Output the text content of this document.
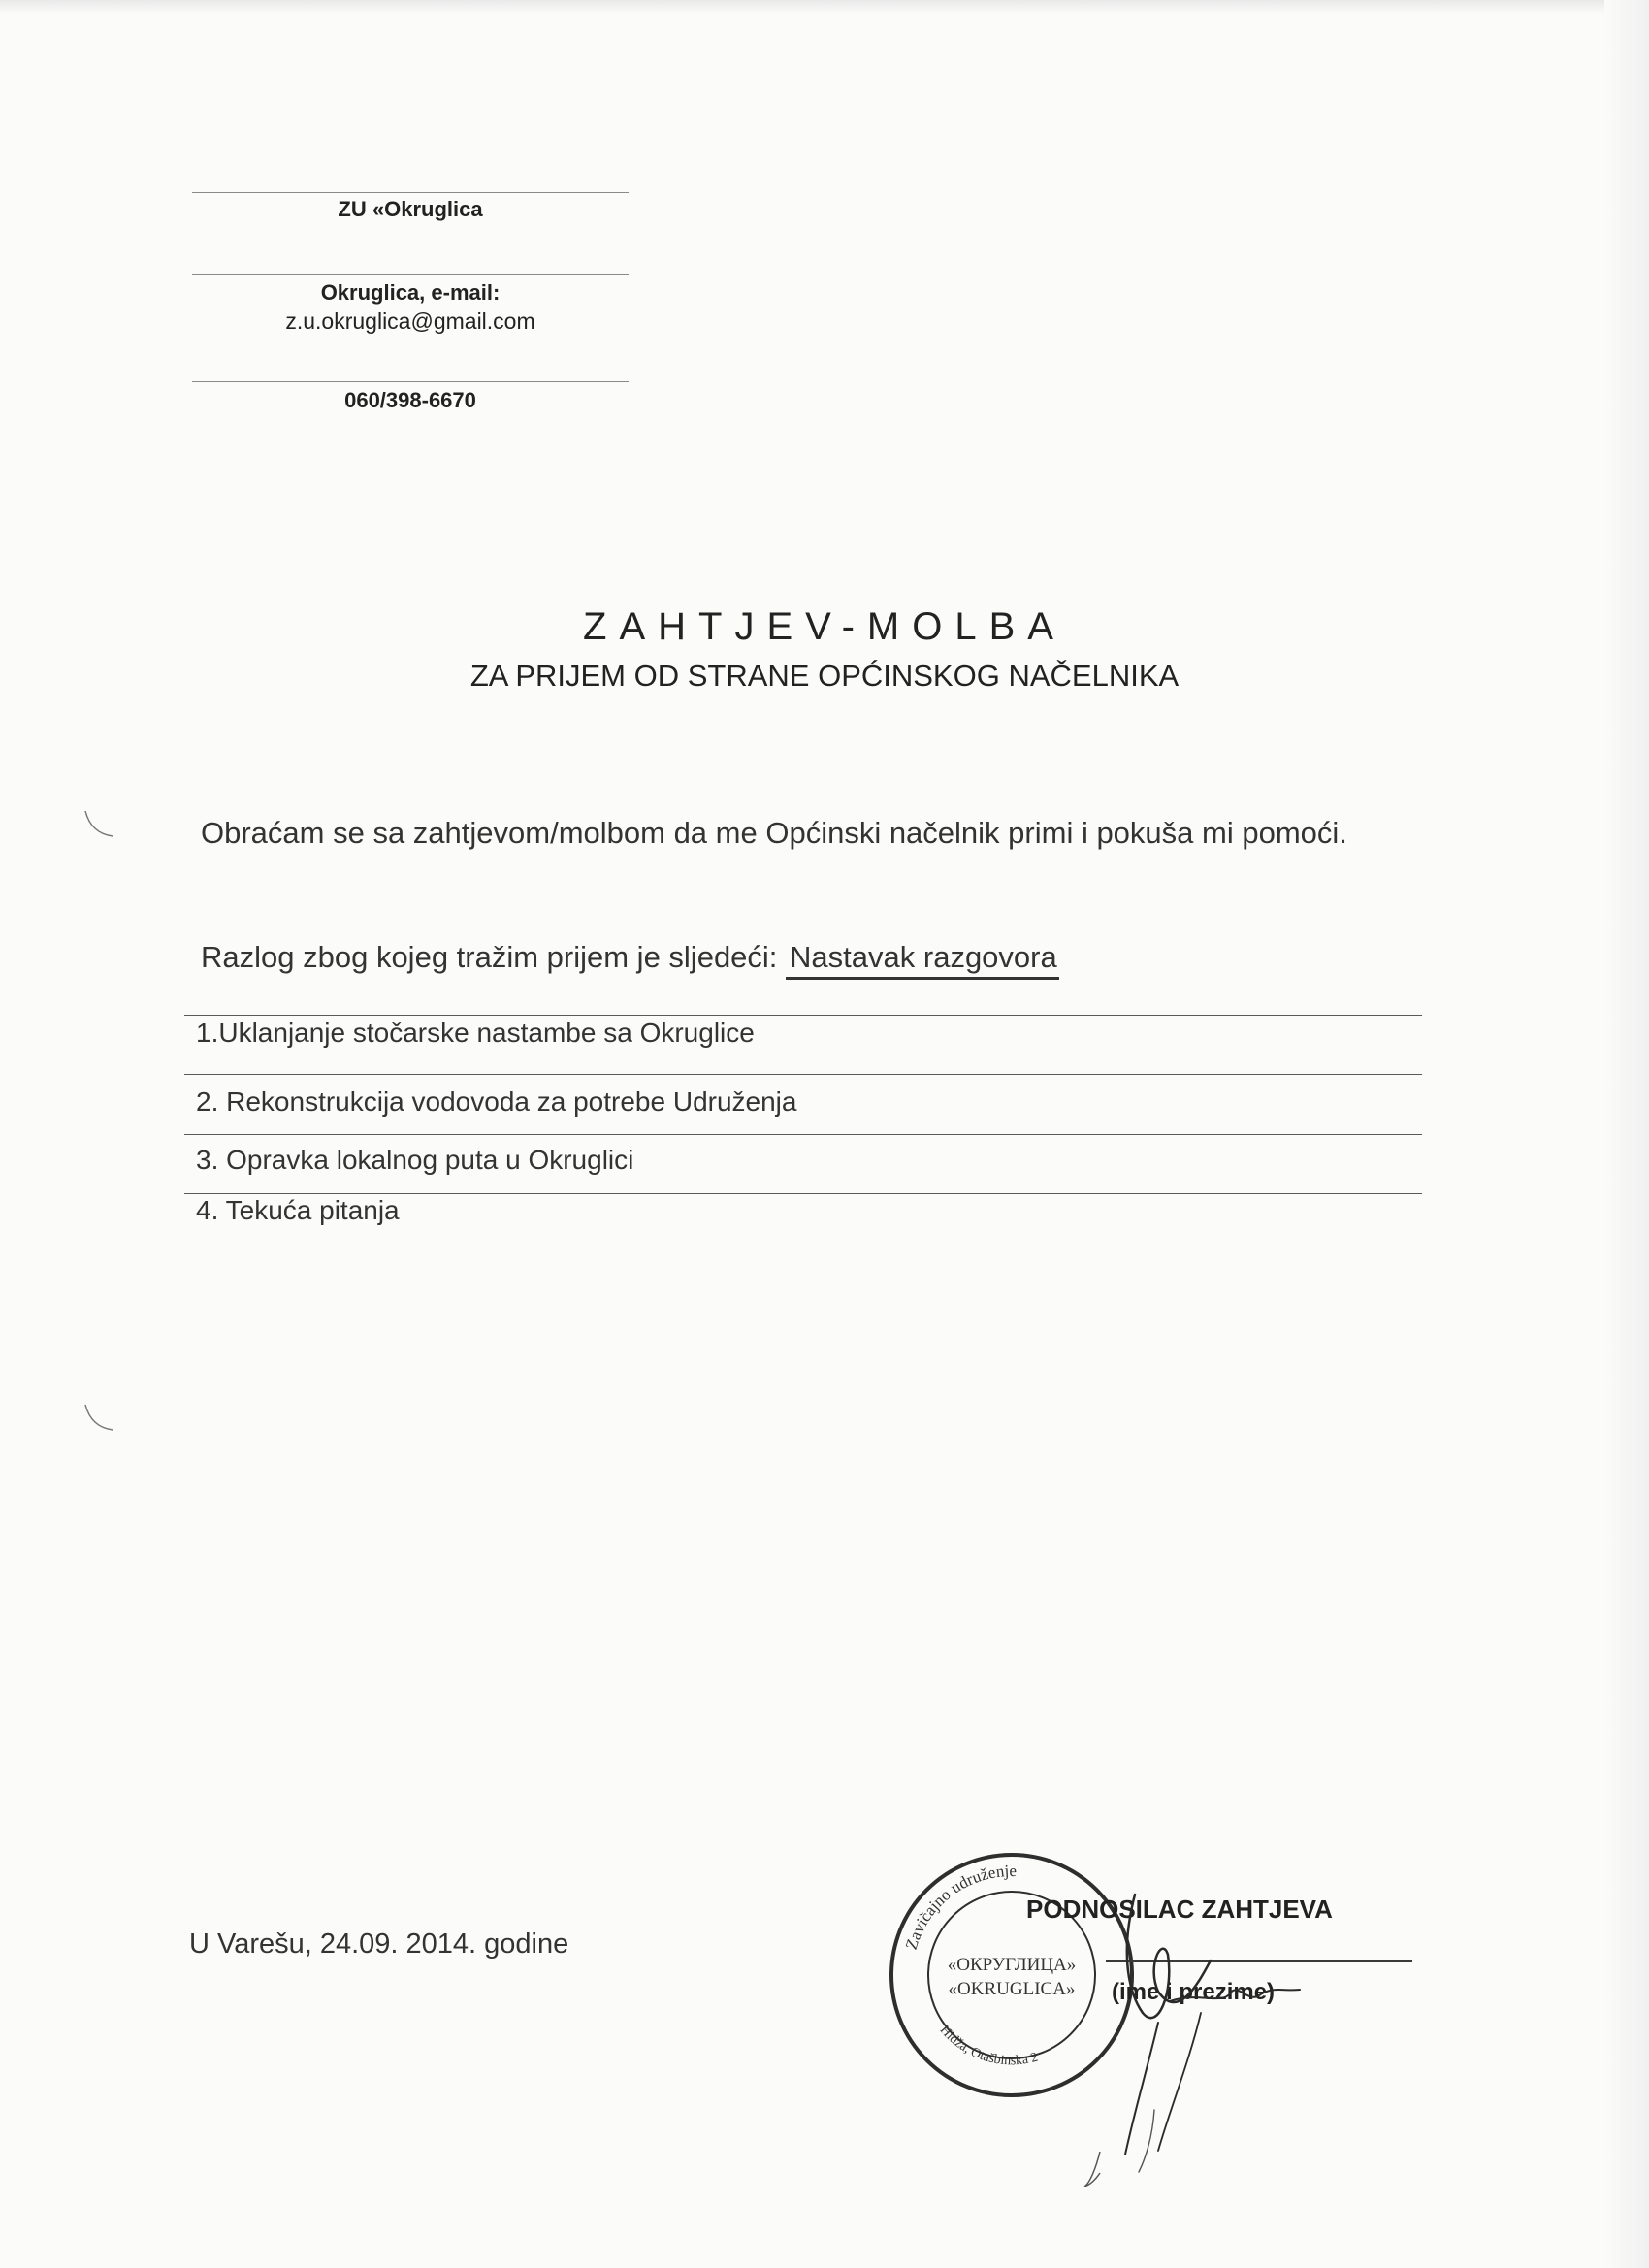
ZU «Okruglica
Okruglica, e-mail:
z.u.okruglica@gmail.com
060/398-6670
ZAHTJEV-MOLBA
ZA PRIJEM OD STRANE OPĆINSKOG NAČELNIKA
Obraćam se sa zahtjevom/molbom da me Općinski načelnik primi i pokuša mi pomoći.
Razlog zbog kojeg tražim prijem je sljedeći: Nastavak razgovora
1.Uklanjanje stočarske nastambe sa Okruglice
2. Rekonstrukcija vodovoda za potrebe Udruženja
3. Opravka lokalnog puta u Okruglici
4. Tekuća pitanja
U Varešu, 24.09. 2014. godine	Zavičajno udruženje
«ОКРУГЛИЦА»
«OKRUGLICA»
Hidža, Otašbinska 2
PODNOSILAC ZAHTJEVA
(ime i prezime)
